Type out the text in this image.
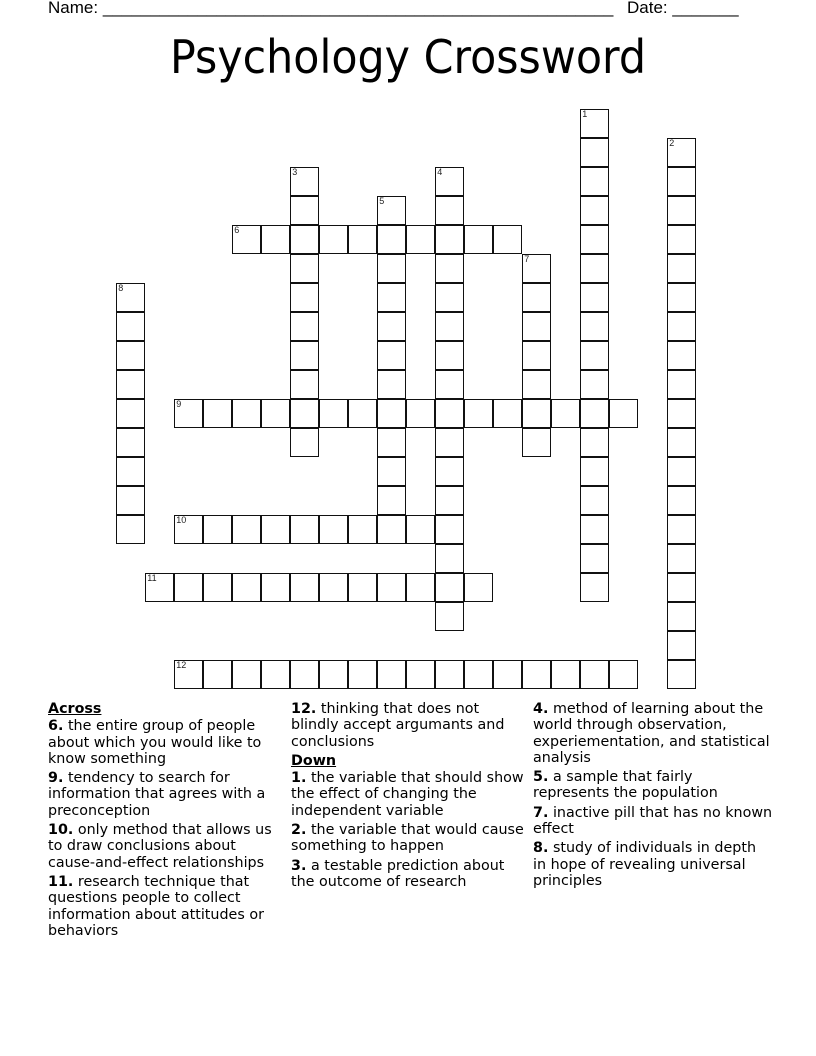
Name: ______________________________________________________ Date: _______
Psychology Crossword
1
2
3	4
5
6
7
8
9
10
11
12
Across
6. the entire group of people about which you would like to know something
9. tendency to search for information that agrees with a preconception
10. only method that allows us to draw conclusions about cause-and-effect relationships
11. research technique that questions people to collect information about attitudes or behaviors
12. thinking that does not blindly accept argumants and conclusions
Down
1. the variable that should show the effect of changing the independent variable
2. the variable that would cause something to happen
3. a testable prediction about the outcome of research
4. method of learning about the world through observation, experiementation, and statistical analysis
5. a sample that fairly represents the population
7. inactive pill that has no known effect
8. study of individuals in depth in hope of revealing universal principles
